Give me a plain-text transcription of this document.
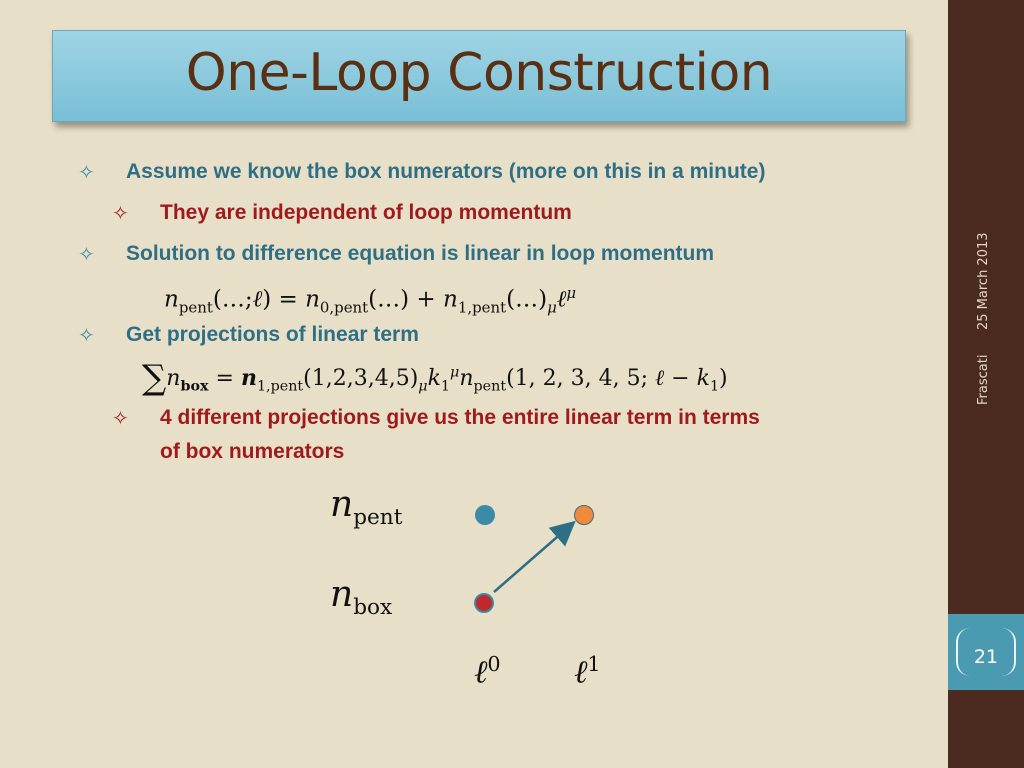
One-Loop Construction
✧ Assume we know the box numerators (more on this in a minute)
✧ They are independent of loop momentum
✧ Solution to difference equation is linear in loop momentum
$n_{pent}(\dots;\ell)$ = $n_{0,pent}(\dots)$ + $n_{1,pent}(\dots)_\mu\ell^\mu$
✧ Get projections of linear term
$\sum n_{box} = n_{1,pent}(1,2,3,4,5)_\mu k_1^\mu n_{pent}(1$, 2, 3, 4, 5; ℓ − $k_1$)
✧ 4 different projections give us the entire linear term in terms
of box numerators
$n_{pent}$
$n_{box}$
ℓ$^0$ ℓ$^1$
25 March 2013
Frascati
21
